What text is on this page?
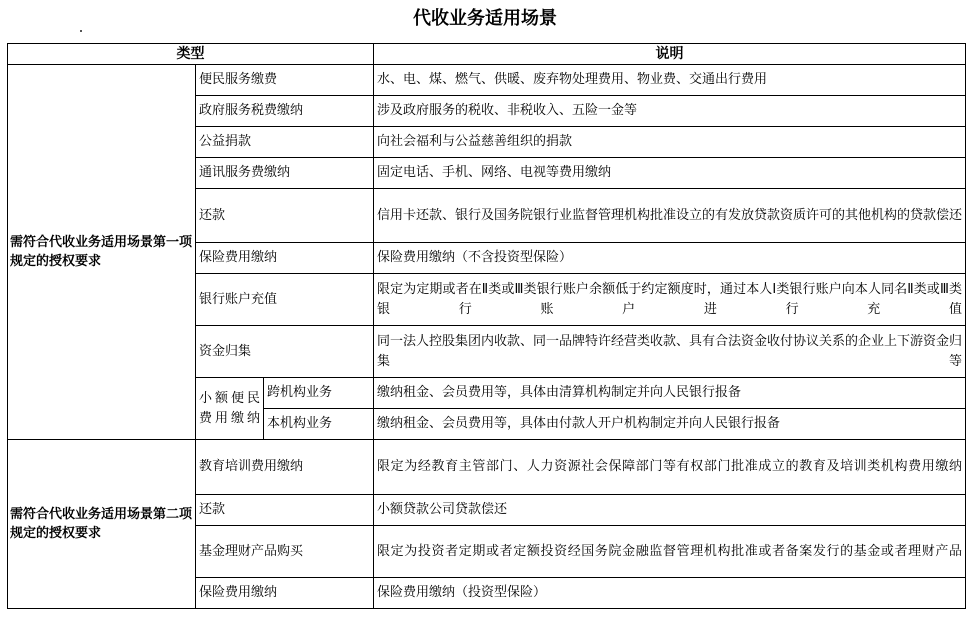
代收业务适用场景
类型			说明
需符合代收业务适用场景第一项规定的授权要求	便民服务缴费		水、电、煤、燃气、供暖、废弃物处理费用、物业费、交通出行费用
	政府服务税费缴纳		涉及政府服务的税收、非税收入、五险一金等
	公益捐款		向社会福利与公益慈善组织的捐款
	通讯服务费缴纳		固定电话、手机、网络、电视等费用缴纳
	还款		信用卡还款、银行及国务院银行业监督管理机构批准设立的有发放贷款资质许可的其他机构的贷款偿还
	保险费用缴纳		保险费用缴纳（不含投资型保险）
	银行账户充值		限定为定期或者在Ⅱ类或Ⅲ类银行账户余额低于约定额度时，通过本人Ⅰ类银行账户向本人同名Ⅱ类或Ⅲ类银行账户进行充值
	资金归集		同一法人控股集团内收款、同一品牌特许经营类收款、具有合法资金收付协议关系的企业上下游资金归集等
	小额便民费用缴纳	跨机构业务	缴纳租金、会员费用等，具体由清算机构制定并向人民银行报备
		本机构业务	缴纳租金、会员费用等，具体由付款人开户机构制定并向人民银行报备
需符合代收业务适用场景第二项规定的授权要求	教育培训费用缴纳		限定为经教育主管部门、人力资源社会保障部门等有权部门批准成立的教育及培训类机构费用缴纳
	还款		小额贷款公司贷款偿还
	基金理财产品购买		限定为投资者定期或者定额投资经国务院金融监督管理机构批准或者备案发行的基金或者理财产品
	保险费用缴纳		保险费用缴纳（投资型保险）
